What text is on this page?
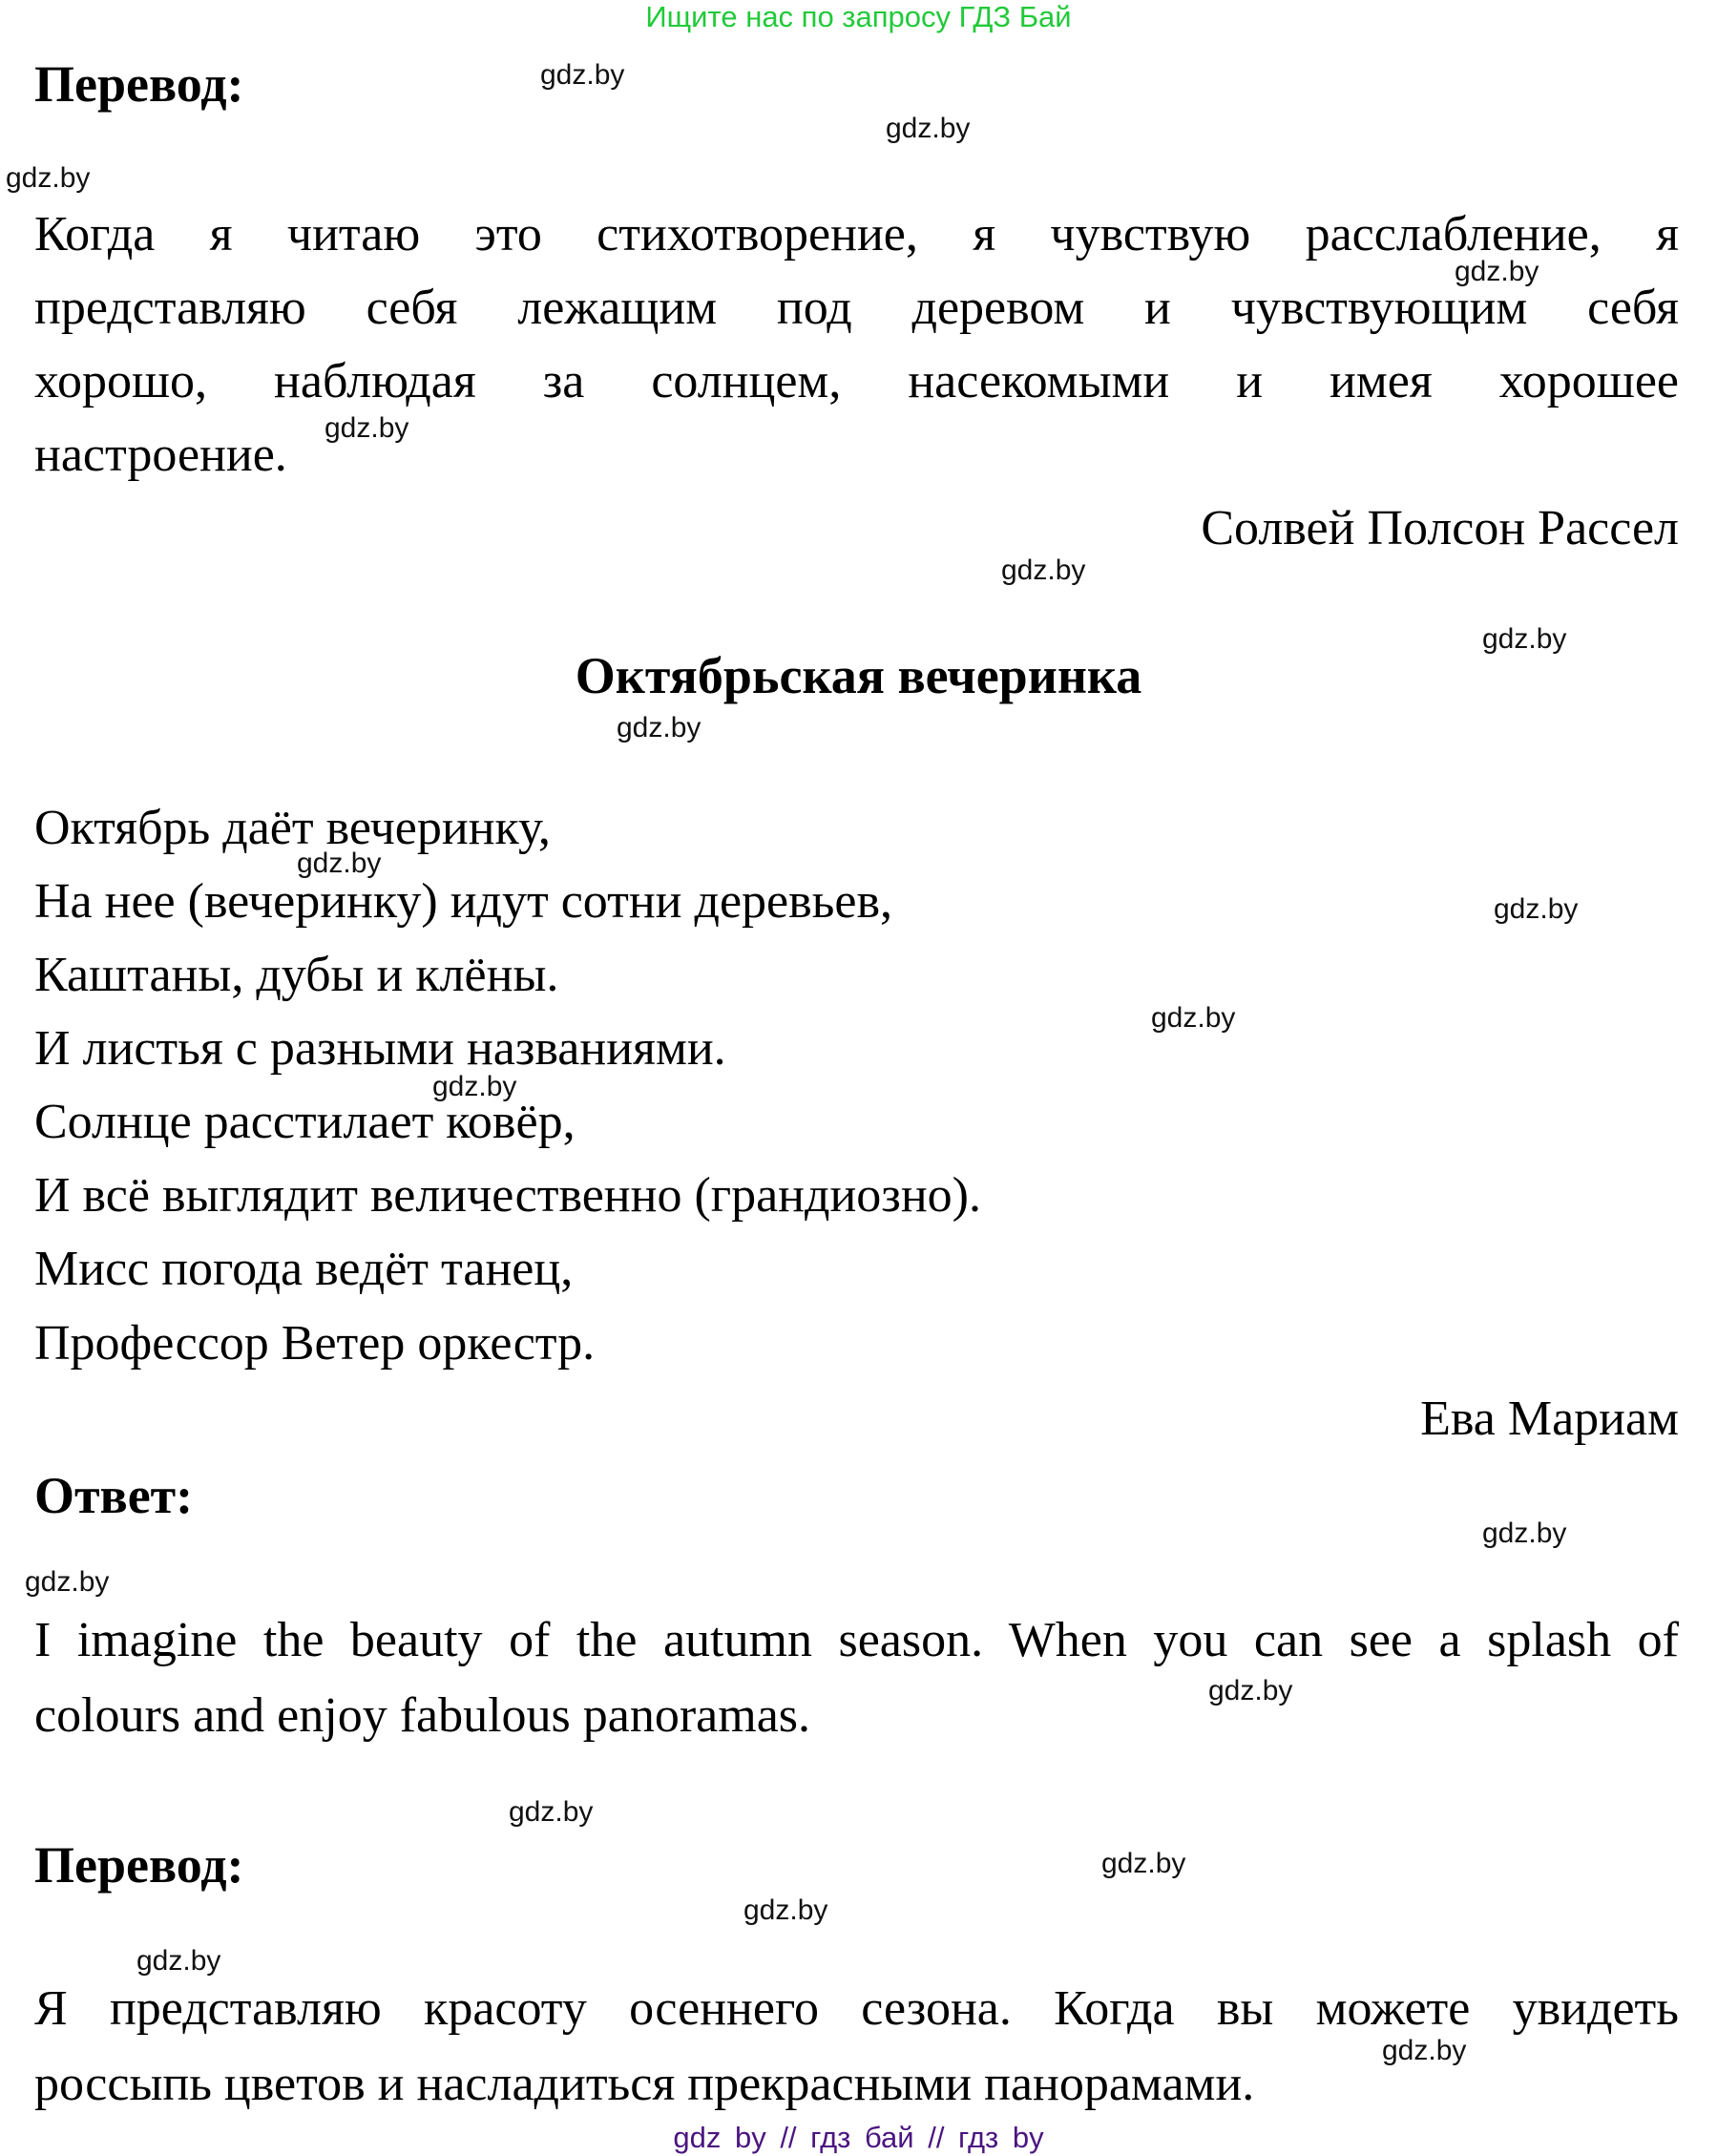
Ищите нас по запросу ГДЗ Бай
Перевод:
Когда я читаю это стихотворение, я чувствую расслабление, я
представляю себя лежащим под деревом и чувствующим себя
хорошо, наблюдая за солнцем, насекомыми и имея хорошее
настроение.
Солвей Полсон Рассел
Октябрьская вечеринка
Октябрь даёт вечеринку,
На нее (вечеринку) идут сотни деревьев,
Каштаны, дубы и клёны.
И листья с разными названиями.
Солнце расстилает ковёр,
И всё выглядит величественно (грандиозно).
Мисс погода ведёт танец,
Профессор Ветер оркестр.
Ева Мариам
Ответ:
I imagine the beauty of the autumn season. When you can see a splash of
colours and enjoy fabulous panoramas.
Перевод:
Я представляю красоту осеннего сезона. Когда вы можете увидеть
россыпь цветов и насладиться прекрасными панорамами.
gdz.by
gdz.by
gdz.by
gdz.by
gdz.by
gdz.by
gdz.by
gdz.by
gdz.by
gdz.by
gdz.by
gdz.by
gdz.by
gdz.by
gdz.by
gdz.by
gdz.by
gdz.by
gdz.by
gdz.by
gdz by // гдз бай // гдз by
